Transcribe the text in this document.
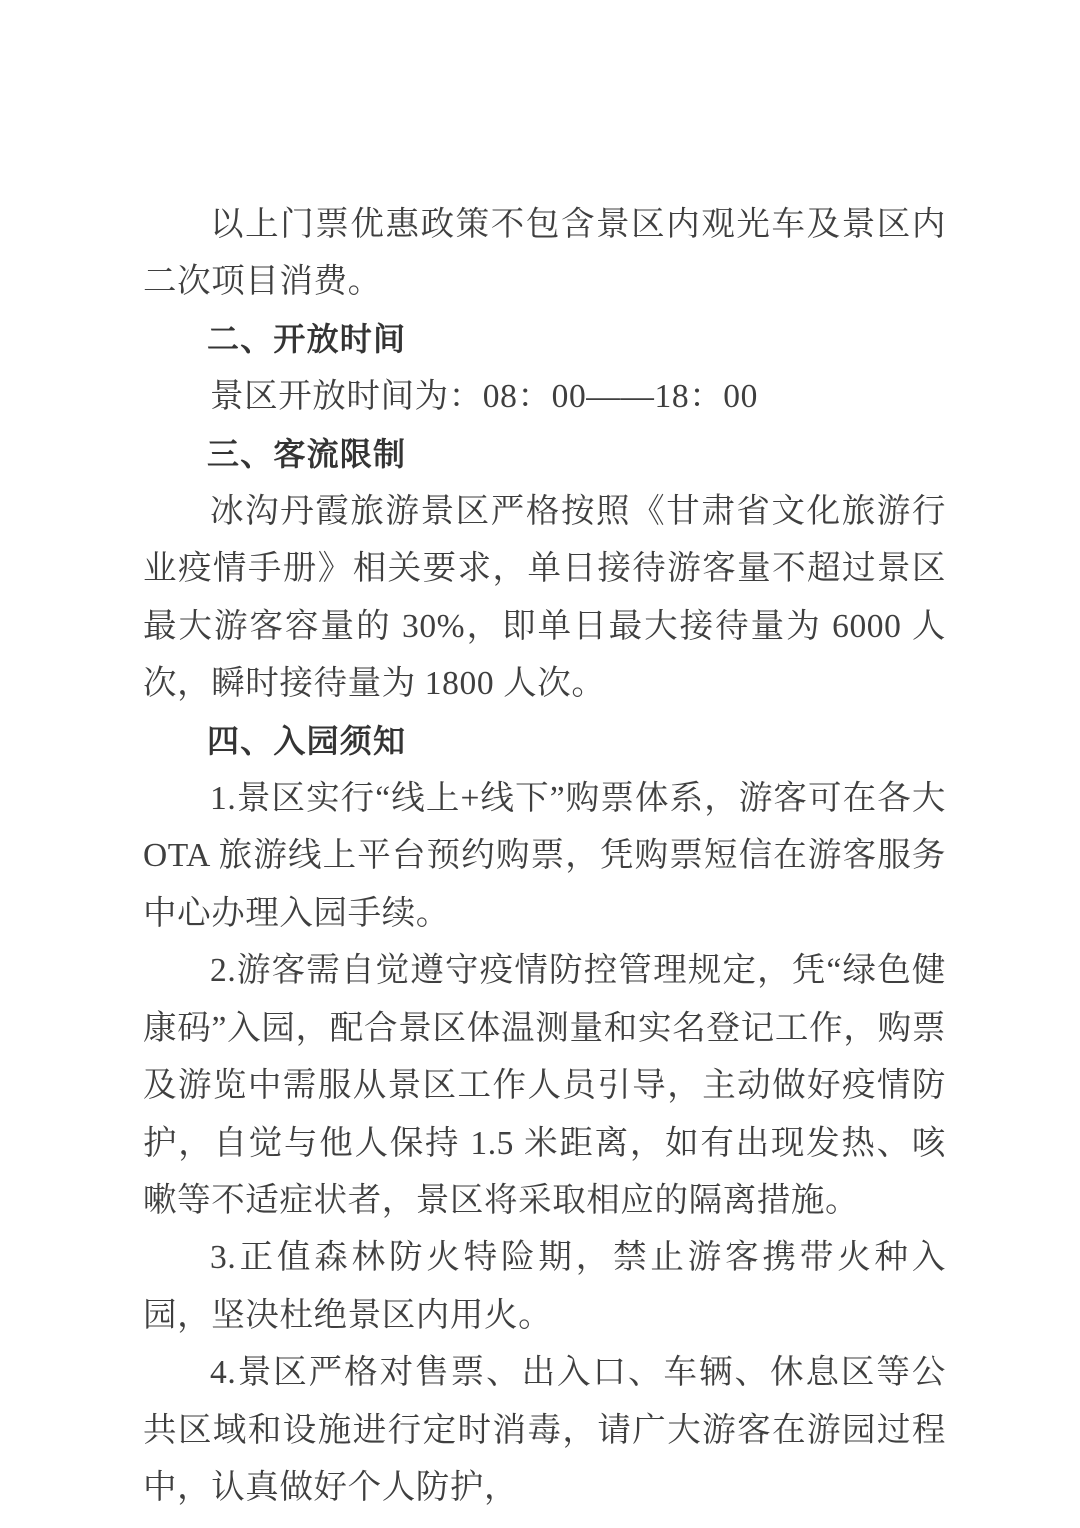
以上门票优惠政策不包含景区内观光车及景区内二次项目消费。

二、开放时间

景区开放时间为：08：00——18：00

三、客流限制

冰沟丹霞旅游景区严格按照《甘肃省文化旅游行业疫情手册》相关要求，单日接待游客量不超过景区最大游客容量的 30%，即单日最大接待量为 6000 人次，瞬时接待量为 1800 人次。

四、入园须知

1.景区实行“线上+线下”购票体系，游客可在各大 OTA 旅游线上平台预约购票，凭购票短信在游客服务中心办理入园手续。

2.游客需自觉遵守疫情防控管理规定，凭“绿色健康码”入园，配合景区体温测量和实名登记工作，购票及游览中需服从景区工作人员引导，主动做好疫情防护，自觉与他人保持 1.5 米距离，如有出现发热、咳嗽等不适症状者，景区将采取相应的隔离措施。

3.正值森林防火特险期，禁止游客携带火种入园，坚决杜绝景区内用火。

4.景区严格对售票、出入口、车辆、休息区等公共区域和设施进行定时消毒，请广大游客在游园过程中，认真做好个人防护，
